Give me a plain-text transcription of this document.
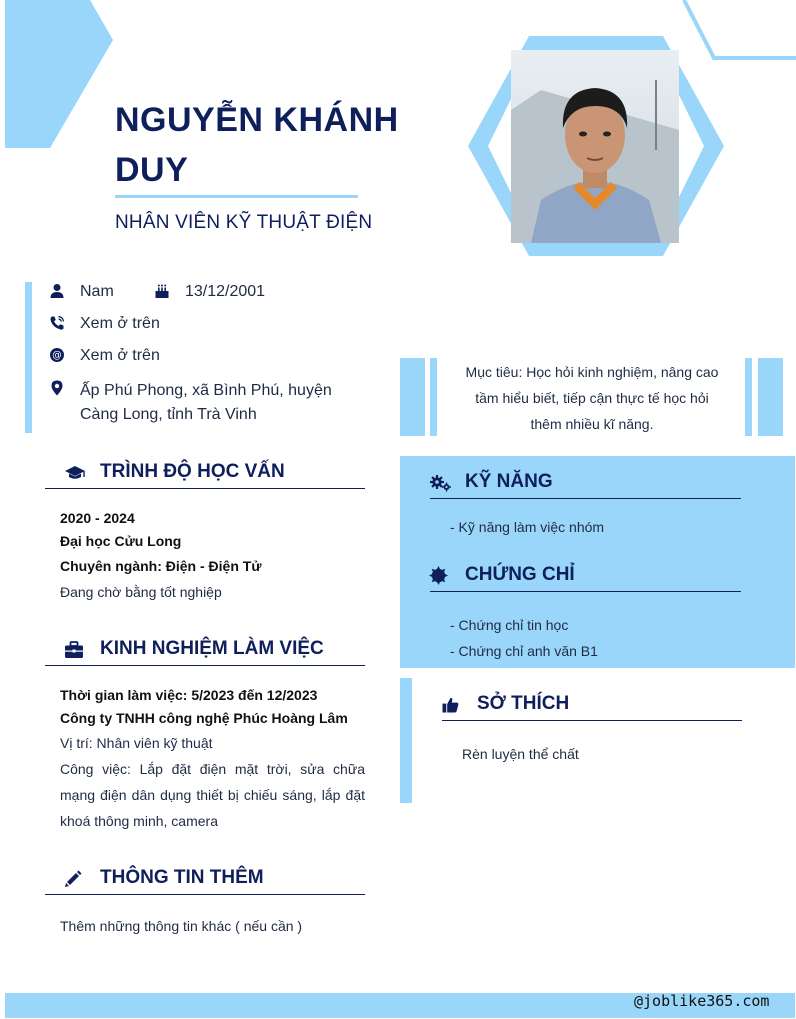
NGUYỄN KHÁNH DUY
NHÂN VIÊN KỸ THUẬT ĐIỆN
Nam	13/12/2001
Xem ở trên
@ Xem ở trên
Ấp Phú Phong, xã Bình Phú, huyện Càng Long, tỉnh Trà Vinh
Mục tiêu: Học hỏi kinh nghiệm, nâng cao tầm hiểu biết, tiếp cận thực tế học hỏi thêm nhiều kĩ năng.
TRÌNH ĐỘ HỌC VẤN
2020 - 2024
Đại học Cửu Long
Chuyên ngành: Điện - Điện Tử
Đang chờ bằng tốt nghiệp
KINH NGHIỆM LÀM VIỆC
Thời gian làm việc: 5/2023 đến 12/2023
Công ty TNHH công nghệ Phúc Hoàng Lâm
Vị trí: Nhân viên kỹ thuật
Công việc: Lắp đặt điện mặt trời, sửa chữa mạng điện dân dụng thiết bị chiếu sáng, lắp đặt khoá thông minh, camera
THÔNG TIN THÊM
Thêm những thông tin khác ( nếu cần )
KỸ NĂNG
- Kỹ năng làm việc nhóm
CHỨNG CHỈ
- Chứng chỉ tin học
- Chứng chỉ anh văn B1
SỞ THÍCH
Rèn luyện thể chất
@joblike365.com
